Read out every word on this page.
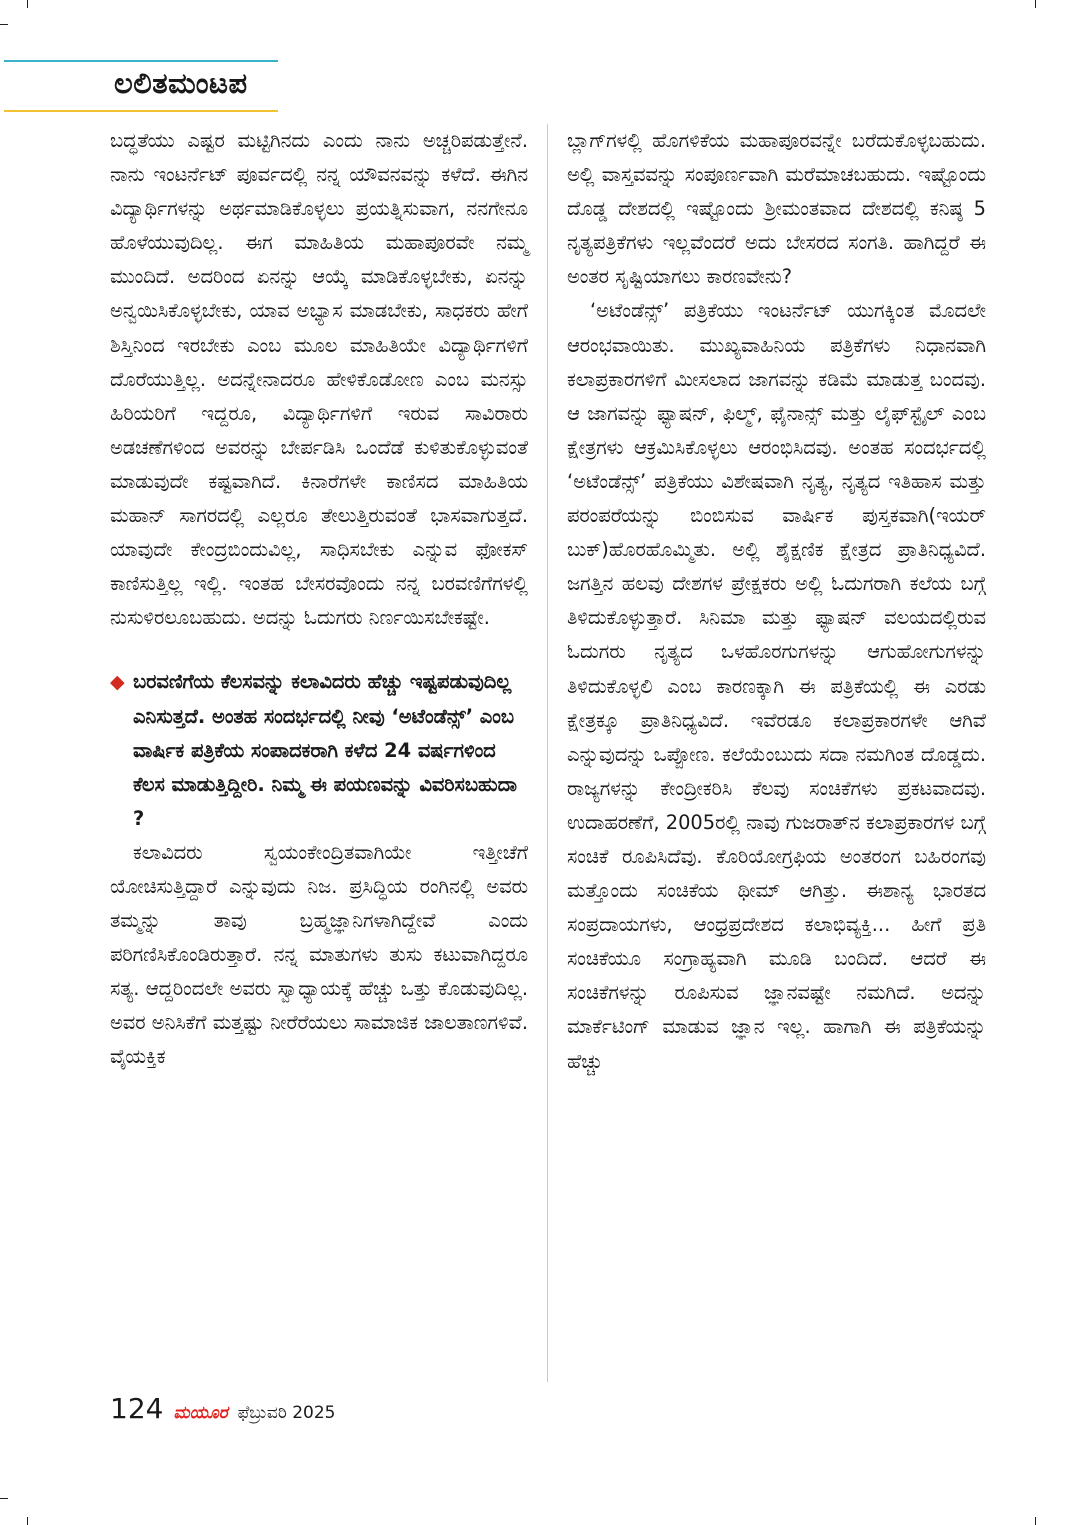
ಲಲಿತಮಂಟಪ
ಬದ್ಧತೆಯು ಎಷ್ಟರ ಮಟ್ಟಿಗಿನದು ಎಂದು ನಾನು ಅಚ್ಚರಿಪಡುತ್ತೇನೆ. ನಾನು ಇಂಟರ್ನೆಟ್ ಪೂರ್ವದಲ್ಲಿ ನನ್ನ ಯೌವನವನ್ನು ಕಳೆದೆ. ಈಗಿನ ವಿದ್ಯಾರ್ಥಿಗಳನ್ನು ಅರ್ಥಮಾಡಿಕೊಳ್ಳಲು ಪ್ರಯತ್ನಿಸುವಾಗ, ನನಗೇನೂ ಹೊಳೆಯುವುದಿಲ್ಲ. ಈಗ ಮಾಹಿತಿಯ ಮಹಾಪೂರವೇ ನಮ್ಮ ಮುಂದಿದೆ. ಅದರಿಂದ ಏನನ್ನು ಆಯ್ಕೆ ಮಾಡಿಕೊಳ್ಳಬೇಕು, ಏನನ್ನು ಅನ್ವಯಿಸಿಕೊಳ್ಳಬೇಕು, ಯಾವ ಅಭ್ಯಾಸ ಮಾಡಬೇಕು, ಸಾಧಕರು ಹೇಗೆ ಶಿಸ್ತಿನಿಂದ ಇರಬೇಕು ಎಂಬ ಮೂಲ ಮಾಹಿತಿಯೇ ವಿದ್ಯಾರ್ಥಿಗಳಿಗೆ ದೊರೆಯುತ್ತಿಲ್ಲ. ಅದನ್ನೇನಾದರೂ ಹೇಳಿಕೊಡೋಣ ಎಂಬ ಮನಸ್ಸು ಹಿರಿಯರಿಗೆ ಇದ್ದರೂ, ವಿದ್ಯಾರ್ಥಿಗಳಿಗೆ ಇರುವ ಸಾವಿರಾರು ಅಡಚಣೆಗಳಿಂದ ಅವರನ್ನು ಬೇರ್ಪಡಿಸಿ ಒಂದೆಡೆ ಕುಳಿತುಕೊಳ್ಳುವಂತೆ ಮಾಡುವುದೇ ಕಷ್ಟವಾಗಿದೆ. ಕಿನಾರೆಗಳೇ ಕಾಣಿಸದ ಮಾಹಿತಿಯ ಮಹಾನ್ ಸಾಗರದಲ್ಲಿ ಎಲ್ಲರೂ ತೇಲುತ್ತಿರುವಂತೆ ಭಾಸವಾಗುತ್ತದೆ. ಯಾವುದೇ ಕೇಂದ್ರಬಿಂದುವಿಲ್ಲ, ಸಾಧಿಸಬೇಕು ಎನ್ನುವ ಫೋಕಸ್ ಕಾಣಿಸುತ್ತಿಲ್ಲ ಇಲ್ಲಿ. ಇಂತಹ ಬೇಸರವೊಂದು ನನ್ನ ಬರವಣಿಗೆಗಳಲ್ಲಿ ನುಸುಳಿರಲೂಬಹುದು. ಅದನ್ನು ಓದುಗರು ನಿರ್ಣಯಿಸಬೇಕಷ್ಟೇ.
◆ ಬರವಣಿಗೆಯ ಕೆಲಸವನ್ನು ಕಲಾವಿದರು ಹೆಚ್ಚು ಇಷ್ಟಪಡುವುದಿಲ್ಲ ಎನಿಸುತ್ತದೆ. ಅಂತಹ ಸಂದರ್ಭದಲ್ಲಿ ನೀವು ‘ಅಟೆಂಡೆನ್ಸ್’ ಎಂಬ ವಾರ್ಷಿಕ ಪತ್ರಿಕೆಯ ಸಂಪಾದಕರಾಗಿ ಕಳೆದ 24 ವರ್ಷಗಳಿಂದ ಕೆಲಸ ಮಾಡುತ್ತಿದ್ದೀರಿ. ನಿಮ್ಮ ಈ ಪಯಣವನ್ನು ವಿವರಿಸಬಹುದಾ ?
ಕಲಾವಿದರು ಸ್ವಯಂಕೇಂದ್ರಿತವಾಗಿಯೇ ಇತ್ತೀಚೆಗೆ ಯೋಚಿಸುತ್ತಿದ್ದಾರೆ ಎನ್ನುವುದು ನಿಜ. ಪ್ರಸಿದ್ಧಿಯ ರಂಗಿನಲ್ಲಿ ಅವರು ತಮ್ಮನ್ನು ತಾವು ಬ್ರಹ್ಮಜ್ಞಾನಿಗಳಾಗಿದ್ದೇವೆ ಎಂದು ಪರಿಗಣಿಸಿಕೊಂಡಿರುತ್ತಾರೆ. ನನ್ನ ಮಾತುಗಳು ತುಸು ಕಟುವಾಗಿದ್ದರೂ ಸತ್ಯ. ಆದ್ದರಿಂದಲೇ ಅವರು ಸ್ವಾಧ್ಯಾಯಕ್ಕೆ ಹೆಚ್ಚು ಒತ್ತು ಕೊಡುವುದಿಲ್ಲ. ಅವರ ಅನಿಸಿಕೆಗೆ ಮತ್ತಷ್ಟು ನೀರೆರೆಯಲು ಸಾಮಾಜಿಕ ಜಾಲತಾಣಗಳಿವೆ. ವೈಯಕ್ತಿಕ
ಬ್ಲಾಗ್‌ಗಳಲ್ಲಿ ಹೊಗಳಿಕೆಯ ಮಹಾಪೂರವನ್ನೇ ಬರೆದುಕೊಳ್ಳಬಹುದು. ಅಲ್ಲಿ ವಾಸ್ತವವನ್ನು ಸಂಪೂರ್ಣವಾಗಿ ಮರೆಮಾಚಬಹುದು. ಇಷ್ಟೊಂದು ದೊಡ್ಡ ದೇಶದಲ್ಲಿ ಇಷ್ಟೊಂದು ಶ್ರೀಮಂತವಾದ ದೇಶದಲ್ಲಿ ಕನಿಷ್ಠ 5 ನೃತ್ಯಪತ್ರಿಕೆಗಳು ಇಲ್ಲವೆಂದರೆ ಅದು ಬೇಸರದ ಸಂಗತಿ. ಹಾಗಿದ್ದರೆ ಈ ಅಂತರ ಸೃಷ್ಟಿಯಾಗಲು ಕಾರಣವೇನು?
‘ಅಟೆಂಡೆನ್ಸ್’ ಪತ್ರಿಕೆಯು ಇಂಟರ್ನೆಟ್ ಯುಗಕ್ಕಿಂತ ಮೊದಲೇ ಆರಂಭವಾಯಿತು. ಮುಖ್ಯವಾಹಿನಿಯ ಪತ್ರಿಕೆಗಳು ನಿಧಾನವಾಗಿ ಕಲಾಪ್ರಕಾರಗಳಿಗೆ ಮೀಸಲಾದ ಜಾಗವನ್ನು ಕಡಿಮೆ ಮಾಡುತ್ತ ಬಂದವು. ಆ ಜಾಗವನ್ನು ಫ್ಯಾಷನ್, ಫಿಲ್ಮ್, ಫೈನಾನ್ಸ್ ಮತ್ತು ಲೈಫ್‌ಸ್ಟೈಲ್ ಎಂಬ ಕ್ಷೇತ್ರಗಳು ಆಕ್ರಮಿಸಿಕೊಳ್ಳಲು ಆರಂಭಿಸಿದವು. ಅಂತಹ ಸಂದರ್ಭದಲ್ಲಿ ‘ಅಟೆಂಡೆನ್ಸ್’ ಪತ್ರಿಕೆಯು ವಿಶೇಷವಾಗಿ ನೃತ್ಯ, ನೃತ್ಯದ ಇತಿಹಾಸ ಮತ್ತು ಪರಂಪರೆಯನ್ನು ಬಿಂಬಿಸುವ ವಾರ್ಷಿಕ ಪುಸ್ತಕವಾಗಿ(ಇಯರ್ ಬುಕ್)ಹೊರಹೊಮ್ಮಿತು. ಅಲ್ಲಿ ಶೈಕ್ಷಣಿಕ ಕ್ಷೇತ್ರದ ಪ್ರಾತಿನಿಧ್ಯವಿದೆ. ಜಗತ್ತಿನ ಹಲವು ದೇಶಗಳ ಪ್ರೇಕ್ಷಕರು ಅಲ್ಲಿ ಓದುಗರಾಗಿ ಕಲೆಯ ಬಗ್ಗೆ ತಿಳಿದುಕೊಳ್ಳುತ್ತಾರೆ. ಸಿನಿಮಾ ಮತ್ತು ಫ್ಯಾಷನ್ ವಲಯದಲ್ಲಿರುವ ಓದುಗರು ನೃತ್ಯದ ಒಳಹೊರಗುಗಳನ್ನು ಆಗುಹೋಗುಗಳನ್ನು ತಿಳಿದುಕೊಳ್ಳಲಿ ಎಂಬ ಕಾರಣಕ್ಕಾಗಿ ಈ ಪತ್ರಿಕೆಯಲ್ಲಿ ಈ ಎರಡು ಕ್ಷೇತ್ರಕ್ಕೂ ಪ್ರಾತಿನಿಧ್ಯವಿದೆ. ಇವೆರಡೂ ಕಲಾಪ್ರಕಾರಗಳೇ ಆಗಿವೆ ಎನ್ನುವುದನ್ನು ಒಪ್ಪೋಣ. ಕಲೆಯೆಂಬುದು ಸದಾ ನಮಗಿಂತ ದೊಡ್ಡದು. ರಾಜ್ಯಗಳನ್ನು ಕೇಂದ್ರೀಕರಿಸಿ ಕೆಲವು ಸಂಚಿಕೆಗಳು ಪ್ರಕಟವಾದವು. ಉದಾಹರಣೆಗೆ, 2005ರಲ್ಲಿ ನಾವು ಗುಜರಾತ್‌ನ ಕಲಾಪ್ರಕಾರಗಳ ಬಗ್ಗೆ ಸಂಚಿಕೆ ರೂಪಿಸಿದೆವು. ಕೊರಿಯೋಗ್ರಫಿಯ ಅಂತರಂಗ ಬಹಿರಂಗವು ಮತ್ತೊಂದು ಸಂಚಿಕೆಯ ಥೀಮ್ ಆಗಿತ್ತು. ಈಶಾನ್ಯ ಭಾರತದ ಸಂಪ್ರದಾಯಗಳು, ಆಂಧ್ರಪ್ರದೇಶದ ಕಲಾಭಿವ್ಯಕ್ತಿ... ಹೀಗೆ ಪ್ರತಿ ಸಂಚಿಕೆಯೂ ಸಂಗ್ರಾಹ್ಯವಾಗಿ ಮೂಡಿ ಬಂದಿದೆ. ಆದರೆ ಈ ಸಂಚಿಕೆಗಳನ್ನು ರೂಪಿಸುವ ಜ್ಞಾನವಷ್ಟೇ ನಮಗಿದೆ. ಅದನ್ನು ಮಾರ್ಕೆಟಿಂಗ್ ಮಾಡುವ ಜ್ಞಾನ ಇಲ್ಲ. ಹಾಗಾಗಿ ಈ ಪತ್ರಿಕೆಯನ್ನು ಹೆಚ್ಚು
124 ಮಯೂರ ಫೆಬ್ರುವರಿ 2025
